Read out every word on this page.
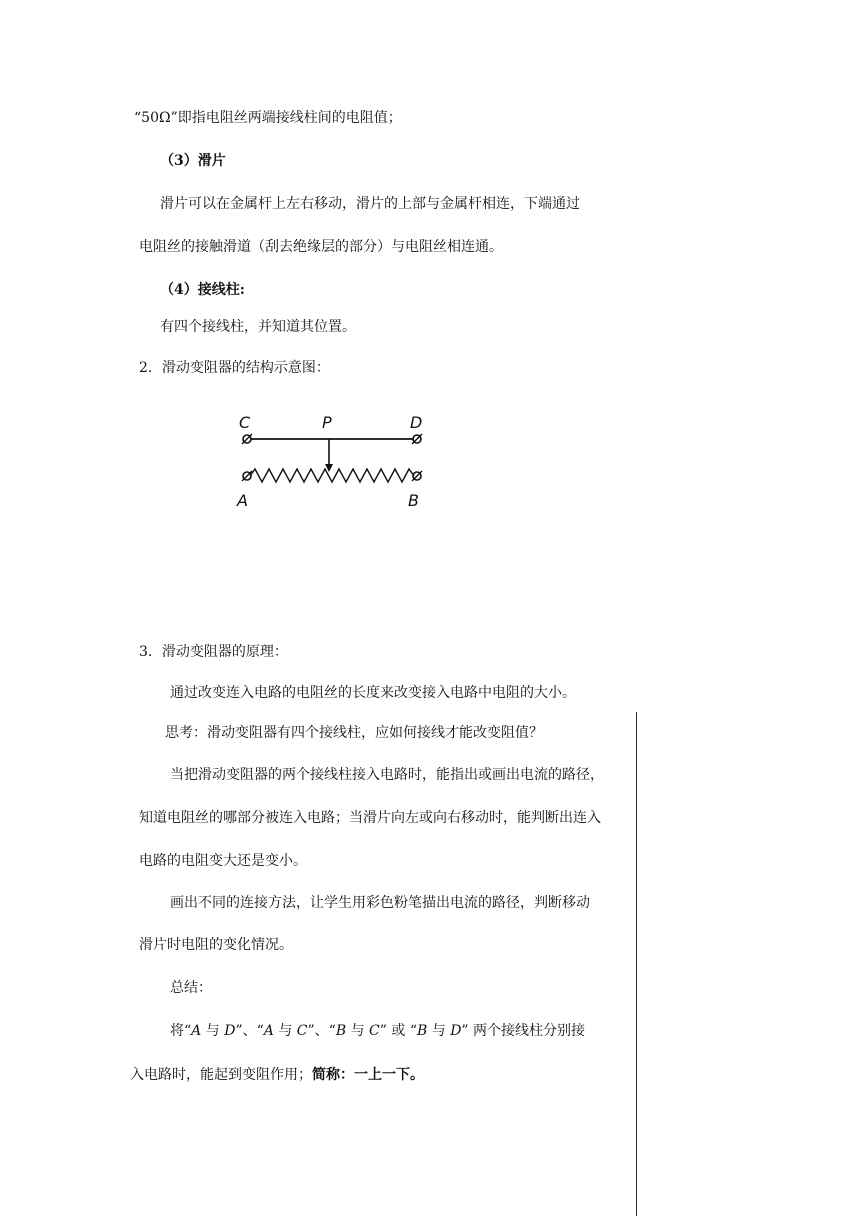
“50Ω”即指电阻丝两端接线柱间的电阻值；
（3）滑片
滑片可以在金属杆上左右移动，滑片的上部与金属杆相连，下端通过
电阻丝的接触滑道（刮去绝缘层的部分）与电阻丝相连通。
（4）接线柱:
有四个接线柱，并知道其位置。
2．滑动变阻器的结构示意图：
C	P	D
A	B
3．滑动变阻器的原理：
通过改变连入电路的电阻丝的长度来改变接入电路中电阻的大小。
思考：滑动变阻器有四个接线柱，应如何接线才能改变阻值？
当把滑动变阻器的两个接线柱接入电路时，能指出或画出电流的路径，
知道电阻丝的哪部分被连入电路；当滑片向左或向右移动时，能判断出连入
电路的电阻变大还是变小。
画出不同的连接方法，让学生用彩色粉笔描出电流的路径，判断移动
滑片时电阻的变化情况。
总结：
将“A 与 D”、“A 与 C”、“B 与 C” 或 “B 与 D” 两个接线柱分别接
入电路时，能起到变阻作用；简称：一上一下。
